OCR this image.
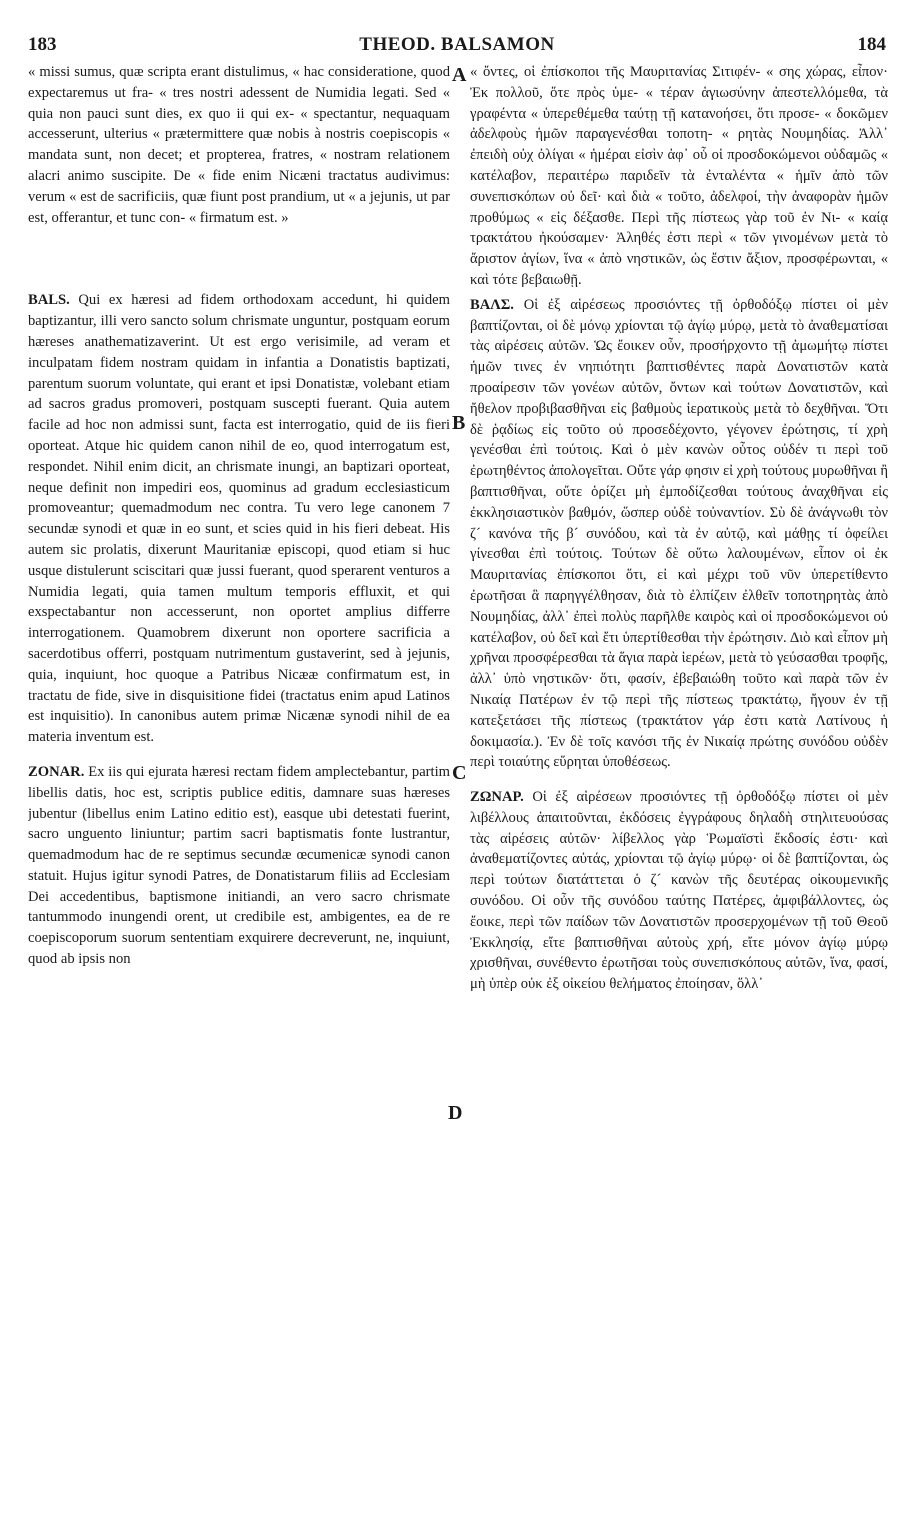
183	THEOD. BALSAMON	184
A
B
C
D

« missi sumus, quæ scripta erant distulimus, « hac consideratione, quod expectaremus ut fra- « tres nostri adessent de Numidia legati. Sed « quia non pauci sunt dies, ex quo ii qui ex- « spectantur, nequaquam accesserunt, ulterius « prætermittere quæ nobis à nostris coepiscopis « mandata sunt, non decet; et propterea, fratres, « nostram relationem alacri animo suscipite. De « fide enim Nicæni tractatus audivimus: verum « est de sacrificiis, quæ fiunt post prandium, ut « a jejunis, ut par est, offerantur, et tunc con- « firmatum est. »

BALS. Qui ex hæresi ad fidem orthodoxam accedunt, hi quidem baptizantur, illi vero sancto solum chrismate unguntur, postquam eorum hæreses anathematizaverint. Ut est ergo verisimile, ad veram et inculpatam fidem nostram quidam in infantia a Donatistis baptizati, parentum suorum voluntate, qui erant et ipsi Donatistæ, volebant etiam ad sacros gradus promoveri, postquam suscepti fuerant. Quia autem facile ad hoc non admissi sunt, facta est interrogatio, quid de iis fieri oporteat. Atque hic quidem canon nihil de eo, quod interrogatum est, respondet. Nihil enim dicit, an chrismate inungi, an baptizari oporteat, neque definit non impediri eos, quominus ad gradum ecclesiasticum promoveantur; quemadmodum nec contra. Tu vero lege canonem 7 secundæ synodi et quæ in eo sunt, et scies quid in his fieri debeat. His autem sic prolatis, dixerunt Mauritaniæ episcopi, quod etiam si huc usque distulerunt sciscitari quæ jussi fuerant, quod sperarent venturos a Numidia legati, quia tamen multum temporis effluxit, et qui exspectabantur non accesserunt, non oportet amplius differre interrogationem. Quamobrem dixerunt non oportere sacrificia a sacerdotibus offerri, postquam nutrimentum gustaverint, sed à jejunis, quia, inquiunt, hoc quoque a Patribus Nicææ confirmatum est, in tractatu de fide, sive in disquisitione fidei (tractatus enim apud Latinos est inquisitio). In canonibus autem primæ Nicænæ synodi nihil de ea materia inventum est.

ZONAR. Ex iis qui ejurata hæresi rectam fidem amplectebantur, partim libellis datis, hoc est, scriptis publice editis, damnare suas hæreses jubentur (libellus enim Latino editio est), easque ubi detestati fuerint, sacro unguento liniuntur; partim sacri baptismatis fonte lustrantur, quemadmodum hac de re septimus secundæ œcumenicæ synodi canon statuit. Hujus igitur synodi Patres, de Donatistarum filiis ad Ecclesiam Dei accedentibus, baptismone initiandi, an vero sacro chrismate tantummodo inungendi orent, ut credibile est, ambigentes, ea de re coepiscoporum suorum sententiam exquirere decreverunt, ne, inquiunt, quod ab ipsis non

« ὄντες, οἱ ἐπίσκοποι τῆς Μαυριτανίας Σιτιφέν- « σης χώρας, εἶπον· Ἐκ πολλοῦ, ὅτε πρὸς ὑμε- « τέραν ἁγιωσύνην ἀπεστελλόμεθα, τὰ γραφέντα « ὑπερεθέμεθα ταύτῃ τῇ κατανοήσει, ὅτι προσε- « δοκῶμεν ἀδελφοὺς ἡμῶν παραγενέσθαι τοποτη- « ρητὰς Νουμηδίας. Ἀλλ᾽ ἐπειδὴ οὐχ ὀλίγαι « ἡμέραι εἰσὶν ἀφ᾽ οὗ οἱ προσδοκώμενοι οὐδαμῶς « κατέλαβον, περαιτέρω παριδεῖν τὰ ἐνταλέντα « ἡμῖν ἀπὸ τῶν συνεπισκόπων οὐ δεῖ· καὶ διὰ « τοῦτο, ἀδελφοί, τὴν ἀναφορὰν ἡμῶν προθύμως « εἰς δέξασθε. Περὶ τῆς πίστεως γὰρ τοῦ ἐν Νι- « καίᾳ τρακτάτου ἠκούσαμεν· Ἀληθές ἐστι περὶ « τῶν γινομένων μετὰ τὸ ἄριστον ἁγίων, ἵνα « ἀπὸ νηστικῶν, ὡς ἔστιν ἄξιον, προσφέρωνται, « καὶ τότε βεβαιωθῇ.

ΒΑΛΣ. Οἱ ἐξ αἱρέσεως προσιόντες τῇ ὀρθοδόξῳ πίστει οἱ μὲν βαπτίζονται, οἱ δὲ μόνῳ χρίονται τῷ ἁγίῳ μύρῳ, μετὰ τὸ ἀναθεματίσαι τὰς αἱρέσεις αὐτῶν. Ὡς ἔοικεν οὖν, προσήρχοντο τῇ ἀμωμήτῳ πίστει ἡμῶν τινες ἐν νηπιότητι βαπτισθέντες παρὰ Δονατιστῶν κατὰ προαίρεσιν τῶν γονέων αὐτῶν, ὄντων καὶ τούτων Δονατιστῶν, καὶ ἤθελον προβιβασθῆναι εἰς βαθμοὺς ἱερατικοὺς μετὰ τὸ δεχθῆναι. Ὅτι δὲ ῥᾳδίως εἰς τοῦτο οὐ προσεδέχοντο, γέγονεν ἐρώτησις, τί χρὴ γενέσθαι ἐπὶ τούτοις. Καὶ ὁ μὲν κανὼν οὗτος οὐδέν τι περὶ τοῦ ἐρωτηθέντος ἀπολογεῖται. Οὔτε γάρ φησιν εἰ χρὴ τούτους μυρωθῆναι ἢ βαπτισθῆναι, οὔτε ὁρίζει μὴ ἐμποδίζεσθαι τούτους ἀναχθῆναι εἰς ἐκκλησιαστικὸν βαθμόν, ὥσπερ οὐδὲ τοὐναντίον. Σὺ δὲ ἀνάγνωθι τὸν ζ´ κανόνα τῆς β´ συνόδου, καὶ τὰ ἐν αὐτῷ, καὶ μάθῃς τί ὀφείλει γίνεσθαι ἐπὶ τούτοις. Τούτων δὲ οὕτω λαλουμένων, εἶπον οἱ ἐκ Μαυριτανίας ἐπίσκοποι ὅτι, εἰ καὶ μέχρι τοῦ νῦν ὑπερετίθεντο ἐρωτῆσαι ἃ παρηγγέλθησαν, διὰ τὸ ἐλπίζειν ἐλθεῖν τοποτηρητὰς ἀπὸ Νουμηδίας, ἀλλ᾽ ἐπεὶ πολὺς παρῆλθε καιρὸς καὶ οἱ προσδοκώμενοι οὐ κατέλαβον, οὐ δεῖ καὶ ἔτι ὑπερτίθεσθαι τὴν ἐρώτησιν. Διὸ καὶ εἶπον μὴ χρῆναι προσφέρεσθαι τὰ ἅγια παρὰ ἱερέων, μετὰ τὸ γεύσασθαι τροφῆς, ἀλλ᾽ ὑπὸ νηστικῶν· ὅτι, φασίν, ἐβεβαιώθη τοῦτο καὶ παρὰ τῶν ἐν Νικαίᾳ Πατέρων ἐν τῷ περὶ τῆς πίστεως τρακτάτῳ, ἤγουν ἐν τῇ κατεξετάσει τῆς πίστεως (τρακτάτον γάρ ἐστι κατὰ Λατίνους ἡ δοκιμασία.). Ἐν δὲ τοῖς κανόσι τῆς ἐν Νικαίᾳ πρώτης συνόδου οὐδὲν περὶ τοιαύτης εὕρηται ὑποθέσεως.

ΖΩΝΑΡ. Οἱ ἐξ αἱρέσεων προσιόντες τῇ ὀρθοδόξῳ πίστει οἱ μὲν λιβέλλους ἀπαιτοῦνται, ἐκδόσεις ἐγγράφους δηλαδὴ στηλιτευούσας τὰς αἱρέσεις αὐτῶν· λίβελλος γὰρ Ῥωμαϊστὶ ἔκδοσίς ἐστι· καὶ ἀναθεματίζοντες αὐτάς, χρίονται τῷ ἁγίῳ μύρῳ· οἱ δὲ βαπτίζονται, ὡς περὶ τούτων διατάττεται ὁ ζ´ κανὼν τῆς δευτέρας οἰκουμενικῆς συνόδου. Οἱ οὖν τῆς συνόδου ταύτης Πατέρες, ἀμφιβάλλοντες, ὡς ἔοικε, περὶ τῶν παίδων τῶν Δονατιστῶν προσερχομένων τῇ τοῦ Θεοῦ Ἐκκλησίᾳ, εἴτε βαπτισθῆναι αὐτοὺς χρή, εἴτε μόνον ἁγίῳ μύρῳ χρισθῆναι, συνέθεντο ἐρωτῆσαι τοὺς συνεπισκόπους αὐτῶν, ἵνα, φασί, μὴ ὑπὲρ οὐκ ἐξ οἰκείου θελήματος ἐποίησαν, ὅλλ᾽
